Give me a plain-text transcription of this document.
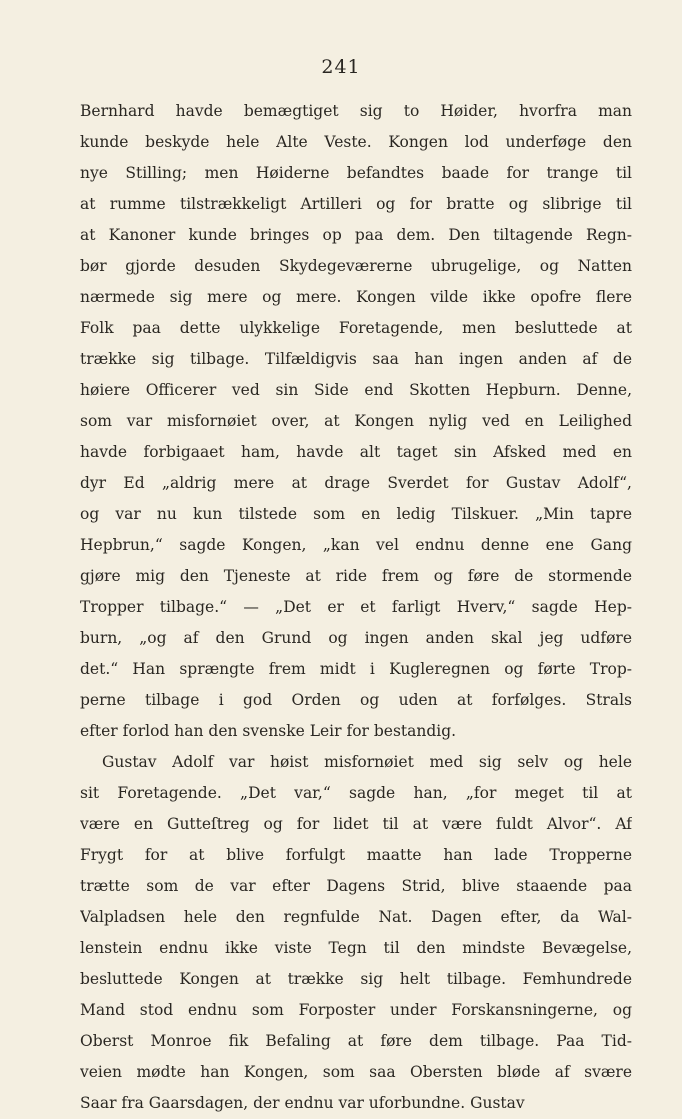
241
Bernhard havde bemægtiget sig to Høider, hvorfra man
kunde beskyde hele Alte Veste. Kongen lod underføge den
nye Stilling; men Høiderne befandtes baade for trange til
at rumme tilstrækkeligt Artilleri og for bratte og slibrige til
at Kanoner kunde bringes op paa dem. Den tiltagende Regn-
bør gjorde desuden Skydegeværerne ubrugelige, og Natten
nærmede sig mere og mere. Kongen vilde ikke opofre flere
Folk paa dette ulykkelige Foretagende, men besluttede at
trække sig tilbage. Tilfældigvis saa han ingen anden af de
høiere Officerer ved sin Side end Skotten Hepburn. Denne,
som var misfornøiet over, at Kongen nylig ved en Leilighed
havde forbigaaet ham, havde alt taget sin Afsked med en
dyr Ed „aldrig mere at drage Sverdet for Gustav Adolf“,
og var nu kun tilstede som en ledig Tilskuer. „Min tapre
Hepbrun,“ sagde Kongen, „kan vel endnu denne ene Gang
gjøre mig den Tjeneste at ride frem og føre de stormende
Tropper tilbage.“ — „Det er et farligt Hverv,“ sagde Hep-
burn, „og af den Grund og ingen anden skal jeg udføre
det.“ Han sprængte frem midt i Kugleregnen og førte Trop-
perne tilbage i god Orden og uden at forfølges. Strals
efter forlod han den svenske Leir for bestandig.
Gustav Adolf var høist misfornøiet med sig selv og hele
sit Foretagende. „Det var,“ sagde han, „for meget til at
være en Gutteſtreg og for lidet til at være fuldt Alvor“. Af
Frygt for at blive forfulgt maatte han lade Tropperne
trætte som de var efter Dagens Strid, blive staaende paa
Valpladsen hele den regnfulde Nat. Dagen efter, da Wal-
lenstein endnu ikke viste Tegn til den mindste Bevægelse,
besluttede Kongen at trække sig helt tilbage. Femhundrede
Mand stod endnu som Forposter under Forskansningerne, og
Oberst Monroe fik Befaling at føre dem tilbage. Paa Tid-
veien mødte han Kongen, som saa Obersten bløde af svære
Saar fra Gaarsdagen, der endnu var uforbundne. Gustav
